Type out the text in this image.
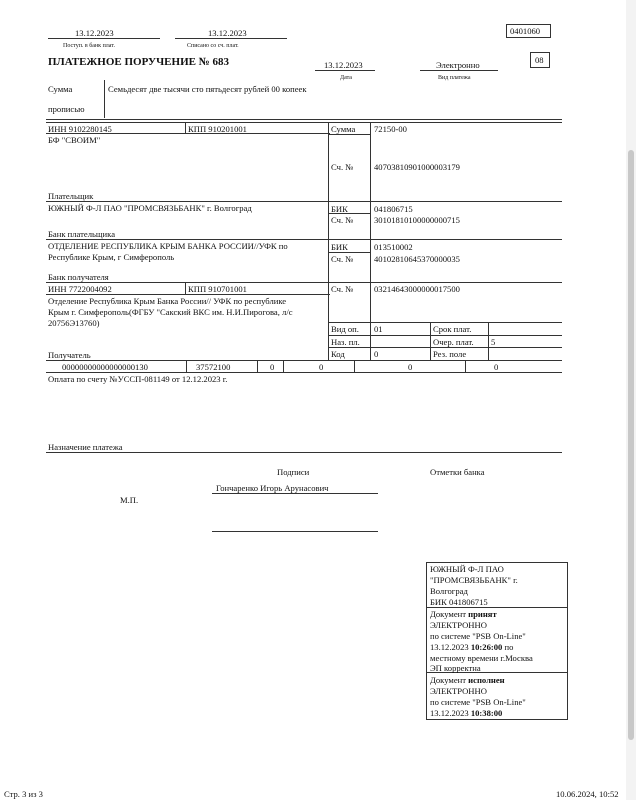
13.12.2023
Поступ. в банк плат.
13.12.2023
Списано со сч. плат.
0401060
ПЛАТЕЖНОЕ ПОРУЧЕНИЕ № 683	13.12.2023
Дата
Электронно
Вид платежа
08
Сумма
прописью
Семьдесят две тысячи сто пятьдесят рублей 00 копеек
ИНН 9102280145	КПП 910201001	Сумма 72150-00
БФ "СВОИМ"
Сч. № 40703810901000003179
Плательщик
ЮЖНЫЙ Ф-Л ПАО "ПРОМСВЯЗЬБАНК" г. Волгоград	БИК	041806715
Сч. № 30101810100000000715
Банк плательщика
ОТДЕЛЕНИЕ РЕСПУБЛИКА КРЫМ БАНКА РОССИИ//УФК по
Республике Крым, г Симферополь
БИК	013510002
Сч. № 40102810645370000035
Банк получателя
ИНН 7722004092	КПП 910701001	Сч. № 03214643000000017500
Отделение Республика Крым Банка России// УФК по республике
Крым г. Симферополь(ФГБУ "Сакский ВКС им. Н.И.Пирогова, л/с
20756Э13760)
Вид оп. 01	Срок плат.
Наз. пл.	Очер. плат. 5
Код	0	Рез. поле
Получатель
00000000000000000130	37572100	0	0	0	0
Оплата по счету №УССП-081149 от 12.12.2023 г.
Назначение платежа
Подписи	Отметки банка
Гончаренко Игорь Арунасович
М.П.
ЮЖНЫЙ Ф-Л ПАО
"ПРОМСВЯЗЬБАНК" г.
Волгоград
БИК 041806715
Документ принят
ЭЛЕКТРОННО
по системе "PSB On-Line"
13.12.2023 10:26:00 по
местному времени г.Москва
ЭП корректна
Документ исполнен
ЭЛЕКТРОННО
по системе "PSB On-Line"
13.12.2023 10:38:00
Стр. 3 из 3	10.06.2024, 10:52
